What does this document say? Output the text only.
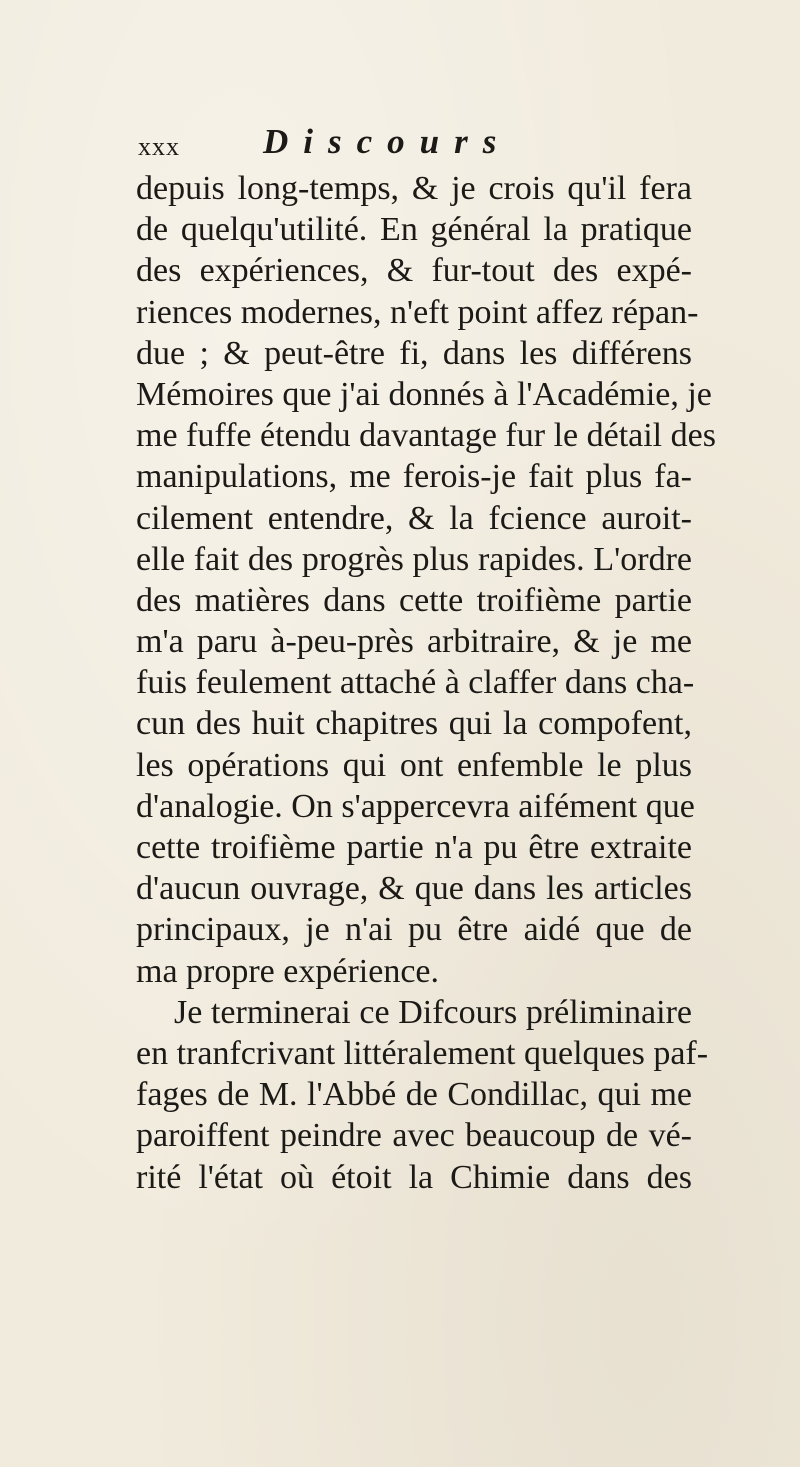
xxx Discours
depuis long-temps, & je crois qu'il fera
de quelqu'utilité. En général la pratique
des expériences, & fur-tout des expé-
riences modernes, n'eft point affez répan-
due ; & peut-être fi, dans les différens
Mémoires que j'ai donnés à l'Académie, je
me fuffe étendu davantage fur le détail des
manipulations, me ferois-je fait plus fa-
cilement entendre, & la fcience auroit-
elle fait des progrès plus rapides. L'ordre
des matières dans cette troifième partie
m'a paru à-peu-près arbitraire, & je me
fuis feulement attaché à claffer dans cha-
cun des huit chapitres qui la compofent,
les opérations qui ont enfemble le plus
d'analogie. On s'appercevra aifément que
cette troifième partie n'a pu être extraite
d'aucun ouvrage, & que dans les articles
principaux, je n'ai pu être aidé que de
ma propre expérience.
Je terminerai ce Difcours préliminaire
en tranfcrivant littéralement quelques paf-
fages de M. l'Abbé de Condillac, qui me
paroiffent peindre avec beaucoup de vé-
rité l'état où étoit la Chimie dans des
